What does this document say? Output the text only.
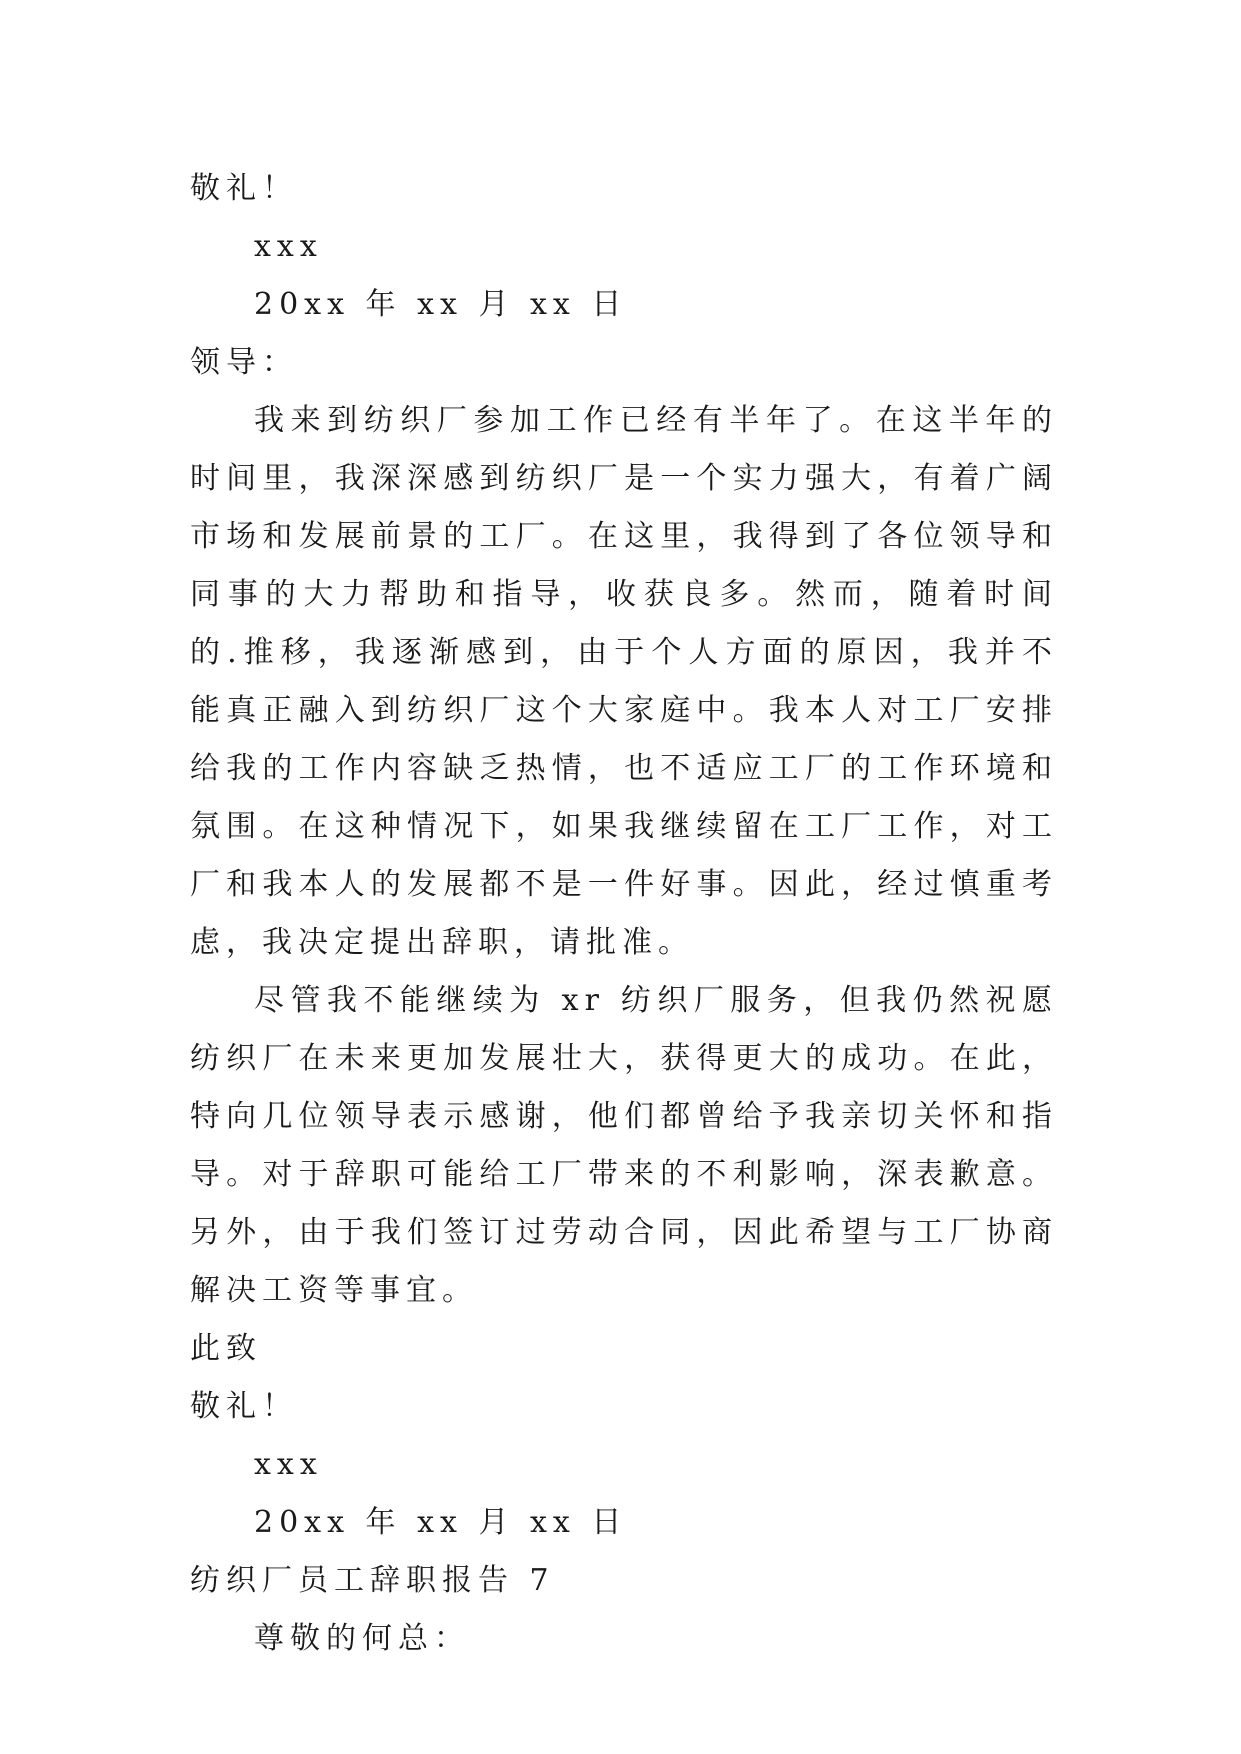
敬礼！

xxx

20xx 年 xx 月 xx 日

领导：

我来到纺织厂参加工作已经有半年了。在这半年的时间里，我深深感到纺织厂是一个实力强大，有着广阔市场和发展前景的工厂。在这里，我得到了各位领导和同事的大力帮助和指导，收获良多。然而，随着时间的.推移，我逐渐感到，由于个人方面的原因，我并不能真正融入到纺织厂这个大家庭中。我本人对工厂安排给我的工作内容缺乏热情，也不适应工厂的工作环境和氛围。在这种情况下，如果我继续留在工厂工作，对工厂和我本人的发展都不是一件好事。因此，经过慎重考虑，我决定提出辞职，请批准。

尽管我不能继续为 xr 纺织厂服务，但我仍然祝愿纺织厂在未来更加发展壮大，获得更大的成功。在此，特向几位领导表示感谢，他们都曾给予我亲切关怀和指导。对于辞职可能给工厂带来的不利影响，深表歉意。另外，由于我们签订过劳动合同，因此希望与工厂协商解决工资等事宜。

此致

敬礼！

xxx

20xx 年 xx 月 xx 日

纺织厂员工辞职报告 7

尊敬的何总：
